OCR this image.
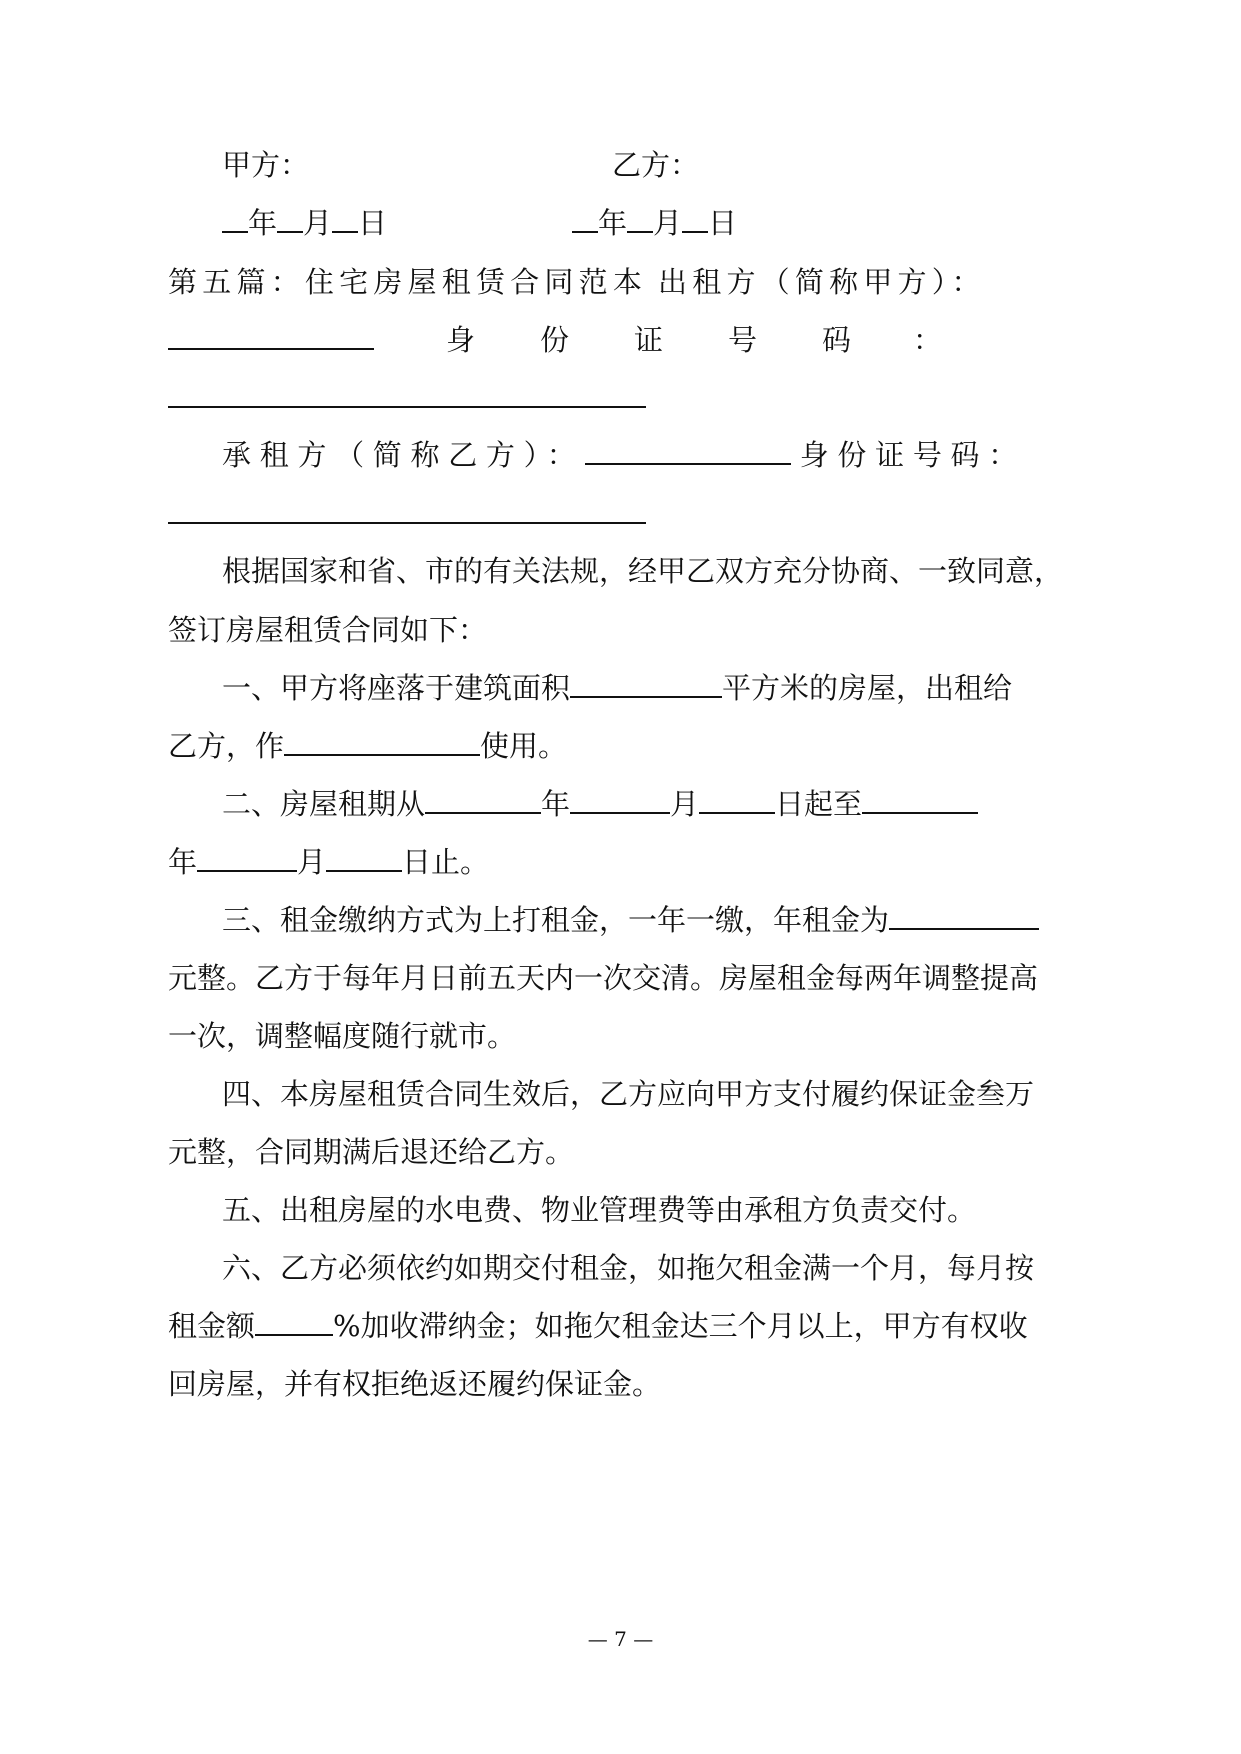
甲方：	乙方：
年 月 日	年 月 日
第五篇：住宅房屋租赁合同范本 出租方（简称甲方）：
身 份 证 号 码 ：
承租方（简称乙方）：	身份证号码：
根据国家和省、市的有关法规，经甲乙双方充分协商、一致同意，
签订房屋租赁合同如下：
一、甲方将座落于建筑面积	平方米的房屋，出租给
乙方，作	使用。
二、房屋租期从	年	月	日起至
年	月	日止。
三、租金缴纳方式为上打租金，一年一缴，年租金为
元整。乙方于每年月日前五天内一次交清。房屋租金每两年调整提高
一次，调整幅度随行就市。
四、本房屋租赁合同生效后，乙方应向甲方支付履约保证金叁万
元整，合同期满后退还给乙方。
五、出租房屋的水电费、物业管理费等由承租方负责交付。
六、乙方必须依约如期交付租金，如拖欠租金满一个月，每月按
租金额	%加收滞纳金；如拖欠租金达三个月以上，甲方有权收
回房屋，并有权拒绝返还履约保证金。
— 7 —
